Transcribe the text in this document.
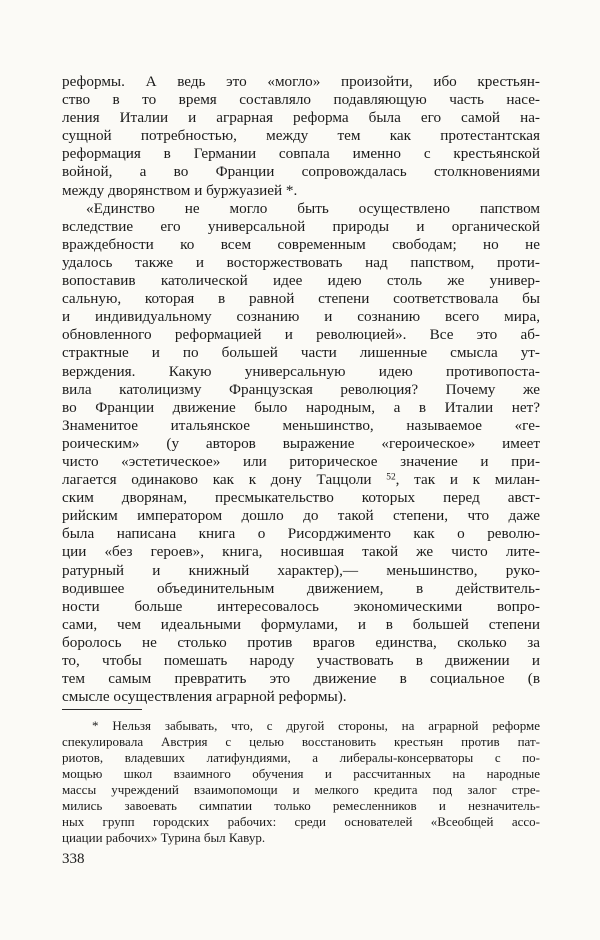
реформы. А ведь это «могло» произойти, ибо крестьян-
ство в то время составляло подавляющую часть насе-
ления Италии и аграрная реформа была его самой на-
сущной потребностью, между тем как протестантская
реформация в Германии совпала именно с крестьянской
войной, а во Франции сопровождалась столкновениями
между дворянством и буржуазией *.
«Единство не могло быть осуществлено папством
вследствие его универсальной природы и органической
враждебности ко всем современным свободам; но не
удалось также и восторжествовать над папством, проти-
вопоставив католической идее идею столь же универ-
сальную, которая в равной степени соответствовала бы
и индивидуальному сознанию и сознанию всего мира,
обновленного реформацией и революцией». Все это аб-
страктные и по большей части лишенные смысла ут-
верждения. Какую универсальную идею противопоста-
вила католицизму Французская революция? Почему же
во Франции движение было народным, а в Италии нет?
Знаменитое итальянское меньшинство, называемое «ге-
роическим» (у авторов выражение «героическое» имеет
чисто «эстетическое» или риторическое значение и при-
лагается одинаково как к дону Таццоли $^{52}$, так и к милан-
ским дворянам, пресмыкательство которых перед авст-
рийским императором дошло до такой степени, что даже
была написана книга о Рисорджименто как о револю-
ции «без героев», книга, носившая такой же чисто лите-
ратурный и книжный характер),— меньшинство, руко-
водившее объединительным движением, в действитель-
ности больше интересовалось экономическими вопро-
сами, чем идеальными формулами, и в большей степени
боролось не столько против врагов единства, сколько за
то, чтобы помешать народу участвовать в движении и
тем самым превратить это движение в социальное (в
смысле осуществления аграрной реформы).
* Нельзя забывать, что, с другой стороны, на аграрной реформе
спекулировала Австрия с целью восстановить крестьян против пат-
риотов, владевших латифундиями, а либералы-консерваторы с по-
мощью школ взаимного обучения и рассчитанных на народные
массы учреждений взаимопомощи и мелкого кредита под залог стре-
мились завоевать симпатии только ремесленников и незначитель-
ных групп городских рабочих: среди основателей «Всеобщей ассо-
циации рабочих» Турина был Кавур.
338
